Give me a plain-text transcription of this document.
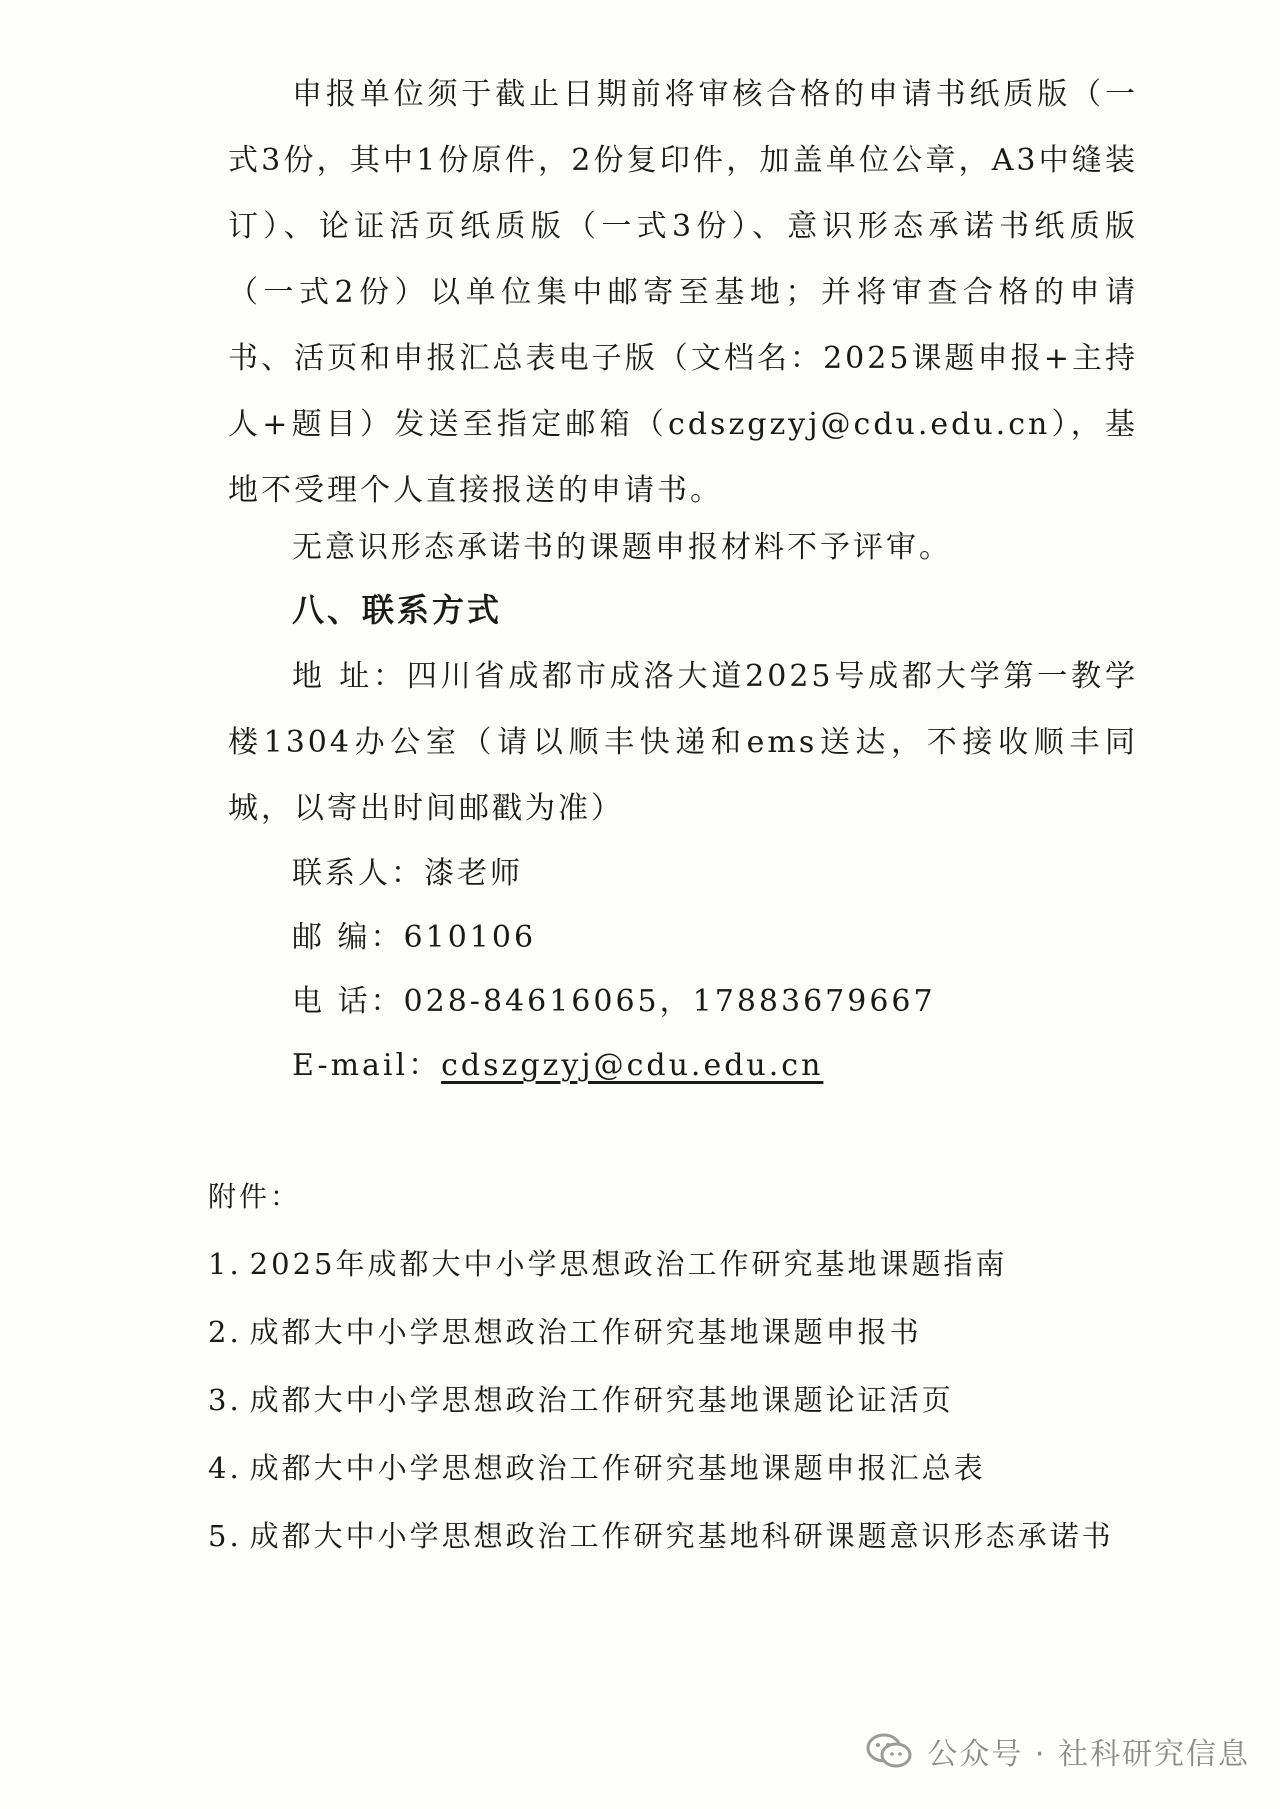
申报单位须于截止日期前将审核合格的申请书纸质版（一式3份，其中1份原件，2份复印件，加盖单位公章，A3中缝装订）、论证活页纸质版（一式3份）、意识形态承诺书纸质版（一式2份）以单位集中邮寄至基地；并将审查合格的申请书、活页和申报汇总表电子版（文档名：2025课题申报+主持人+题目）发送至指定邮箱（cdszgzyj@cdu.edu.cn），基地不受理个人直接报送的申请书。

无意识形态承诺书的课题申报材料不予评审。

八、联系方式

地 址：四川省成都市成洛大道2025号成都大学第一教学楼1304办公室（请以顺丰快递和ems送达，不接收顺丰同城，以寄出时间邮戳为准）

联系人：漆老师

邮 编：610106

电 话：028-84616065，17883679667

E-mail：cdszgzyj@cdu.edu.cn

附件：

1. 2025年成都大中小学思想政治工作研究基地课题指南
2. 成都大中小学思想政治工作研究基地课题申报书
3. 成都大中小学思想政治工作研究基地课题论证活页
4. 成都大中小学思想政治工作研究基地课题申报汇总表
5. 成都大中小学思想政治工作研究基地科研课题意识形态承诺书
公众号 · 社科研究信息
